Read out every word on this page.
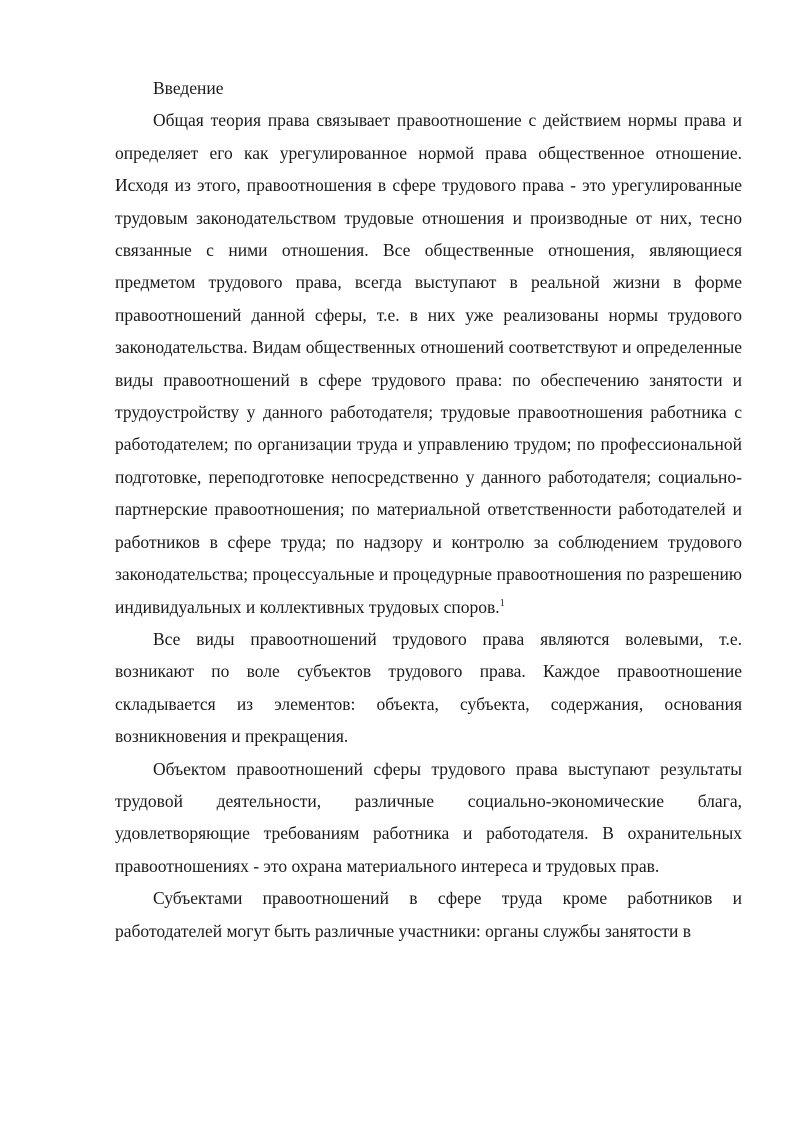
Введение

Общая теория права связывает правоотношение с действием нормы права и определяет его как урегулированное нормой права общественное отношение. Исходя из этого, правоотношения в сфере трудового права - это урегулированные трудовым законодательством трудовые отношения и производные от них, тесно связанные с ними отношения. Все общественные отношения, являющиеся предметом трудового права, всегда выступают в реальной жизни в форме правоотношений данной сферы, т.е. в них уже реализованы нормы трудового законодательства. Видам общественных отношений соответствуют и определенные виды правоотношений в сфере трудового права: по обеспечению занятости и трудоустройству у данного работодателя; трудовые правоотношения работника с работодателем; по организации труда и управлению трудом; по профессиональной подготовке, переподготовке непосредственно у данного работодателя; социально-партнерские правоотношения; по материальной ответственности работодателей и работников в сфере труда; по надзору и контролю за соблюдением трудового законодательства; процессуальные и процедурные правоотношения по разрешению индивидуальных и коллективных трудовых споров.$^1$

Все виды правоотношений трудового права являются волевыми, т.е. возникают по воле субъектов трудового права. Каждое правоотношение складывается из элементов: объекта, субъекта, содержания, основания возникновения и прекращения.

Объектом правоотношений сферы трудового права выступают результаты трудовой деятельности, различные социально-экономические блага, удовлетворяющие требованиям работника и работодателя. В охранительных правоотношениях - это охрана материального интереса и трудовых прав.

Субъектами правоотношений в сфере труда кроме работников и работодателей могут быть различные участники: органы службы занятости в
